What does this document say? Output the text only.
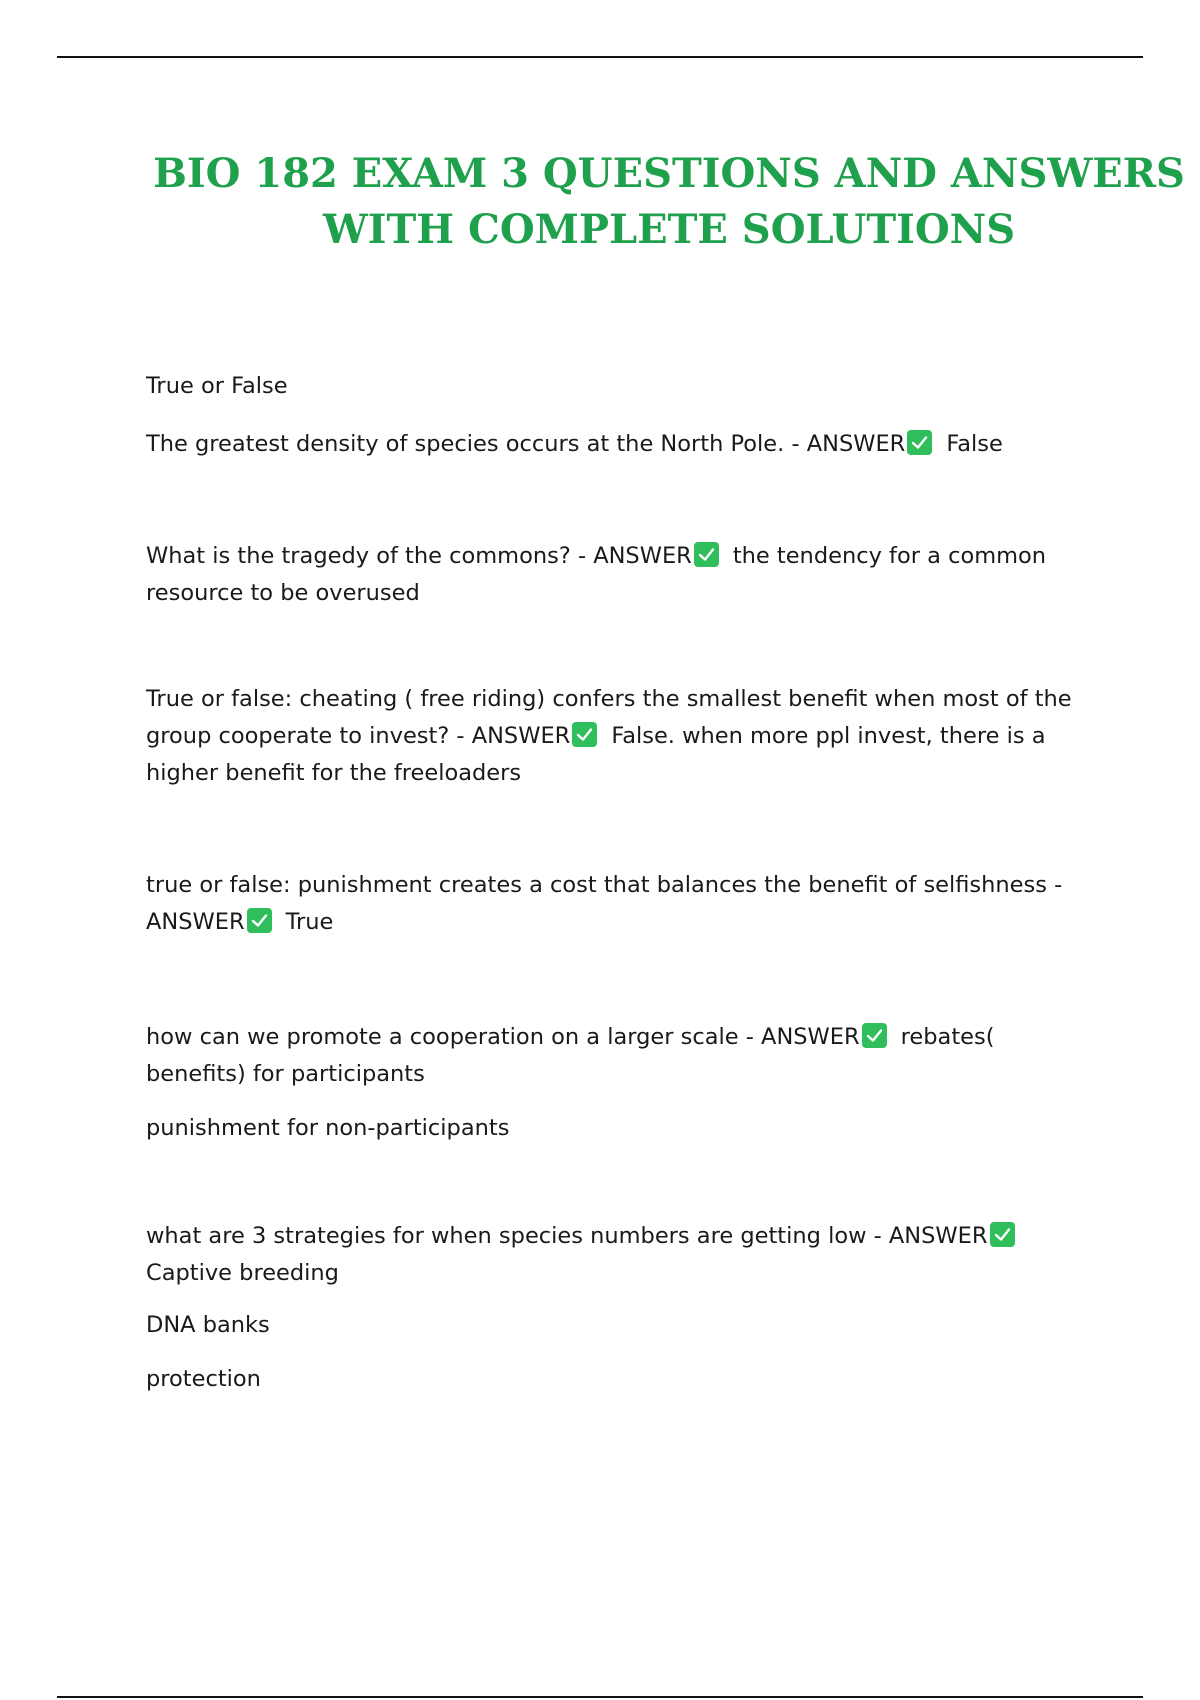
BIO 182 EXAM 3 QUESTIONS AND ANSWERS
WITH COMPLETE SOLUTIONS

True or False

The greatest density of species occurs at the North Pole. - ANSWER False

What is the tragedy of the commons? - ANSWER the tendency for a common resource to be overused

True or false: cheating ( free riding) confers the smallest benefit when most of the group cooperate to invest? - ANSWER False. when more ppl invest, there is a higher benefit for the freeloaders

true or false: punishment creates a cost that balances the benefit of selfishness - ANSWER True

how can we promote a cooperation on a larger scale - ANSWER rebates( benefits) for participants

punishment for non-participants

what are 3 strategies for when species numbers are getting low - ANSWER
Captive breeding

DNA banks

protection
